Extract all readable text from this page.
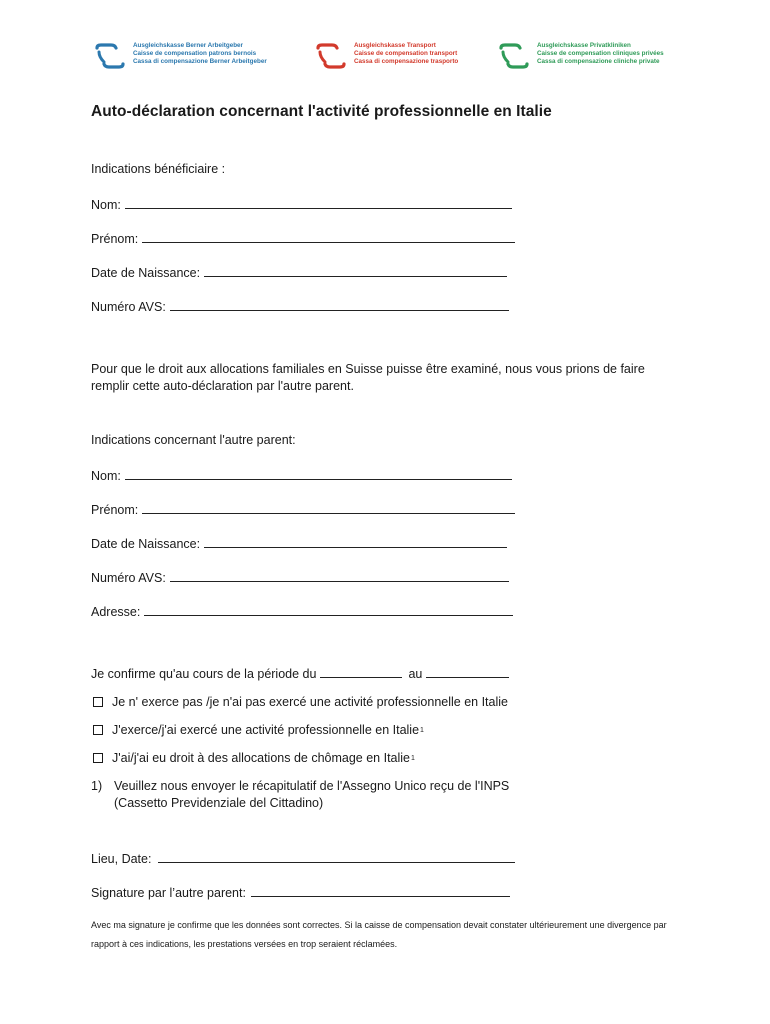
Ausgleichskasse Berner Arbeitgeber
Caisse de compensation patrons bernois
Cassa di compensazione Berner Arbeitgeber
Ausgleichskasse Transport
Caisse de compensation transport
Cassa di compensazione trasporto
Ausgleichskasse Privatkliniken
Caisse de compensation cliniques privées
Cassa di compensazione cliniche private
Auto-déclaration concernant l'activité professionnelle en Italie
Indications bénéficiaire :
Nom:
Prénom:
Date de Naissance:
Numéro AVS:
Pour que le droit aux allocations familiales en Suisse puisse être examiné, nous vous prions de faire remplir cette auto-déclaration par l'autre parent.
Indications concernant l'autre parent:
Nom:
Prénom:
Date de Naissance:
Numéro AVS:
Adresse:
Je confirme qu'au cours de la période du	au
Je n' exerce pas /je n'ai pas exercé une activité professionnelle en Italie
J'exerce/j'ai exercé une activité professionnelle en Italie 1
J'ai/j'ai eu droit à des allocations de chômage en Italie 1
1) Veuillez nous envoyer le récapitulatif de l'Assegno Unico reçu de l'INPS
(Cassetto Previdenziale del Cittadino)
Lieu, Date:
Signature par l’autre parent:
Avec ma signature je confirme que les données sont correctes. Si la caisse de compensation devait constater ultérieurement une divergence par rapport à ces indications, les prestations versées en trop seraient réclamées.
